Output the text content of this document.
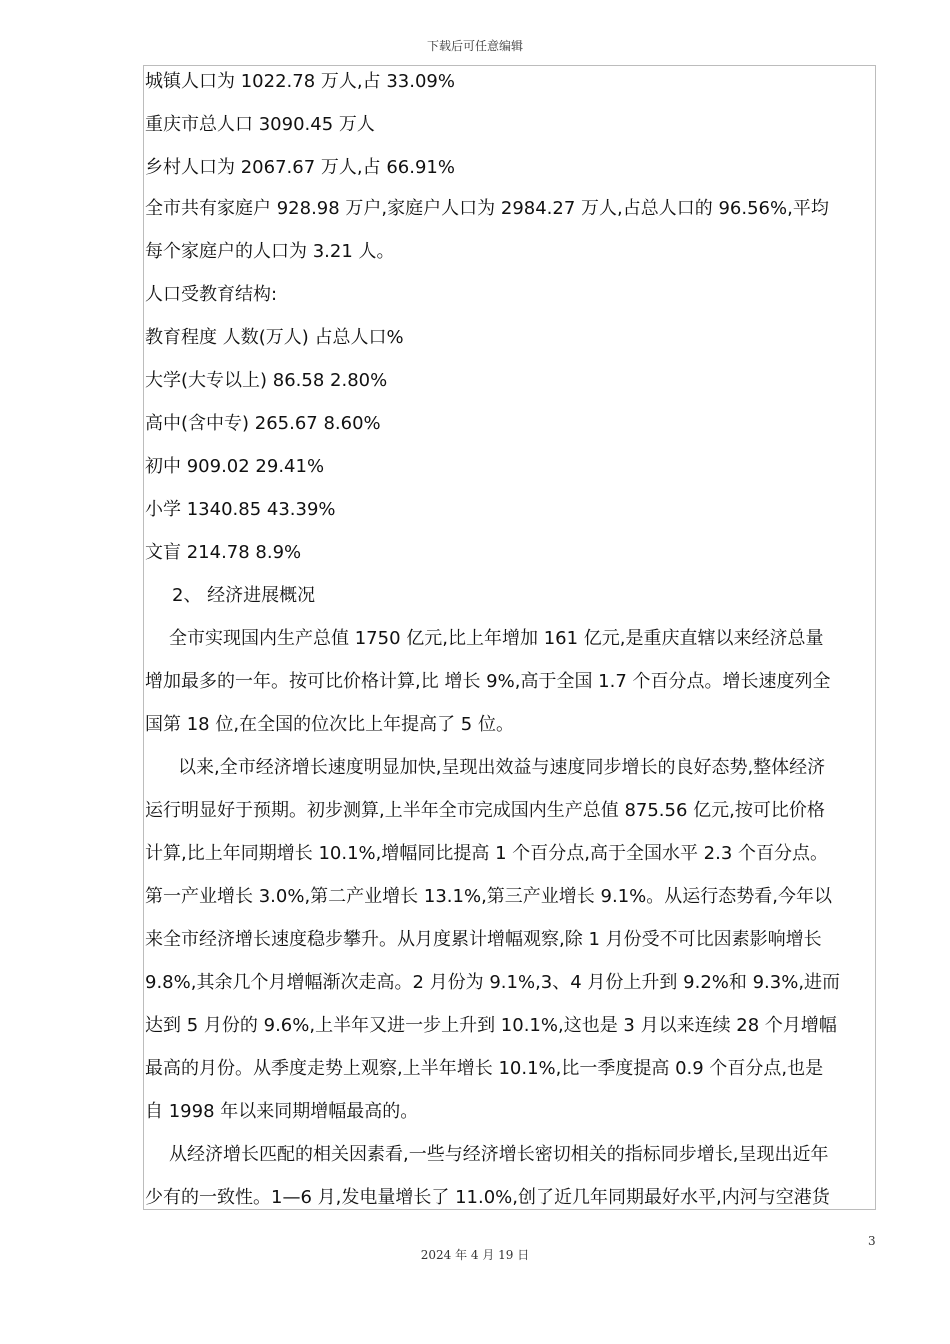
下载后可任意编辑
城镇人口为 1022.78 万人,占 33.09%
重庆市总人口 3090.45 万人
乡村人口为 2067.67 万人,占 66.91%
全市共有家庭户 928.98 万户,家庭户人口为 2984.27 万人,占总人口的 96.56%,平均
每个家庭户的人口为 3.21 人。
人口受教育结构:
教育程度 人数(万人) 占总人口%
大学(大专以上) 86.58 2.80%
高中(含中专) 265.67 8.60%
初中 909.02 29.41%
小学 1340.85 43.39%
文盲 214.78 8.9%
2、 经济进展概况
全市实现国内生产总值 1750 亿元,比上年增加 161 亿元,是重庆直辖以来经济总量
增加最多的一年。按可比价格计算,比 增长 9%,高于全国 1.7 个百分点。增长速度列全
国第 18 位,在全国的位次比上年提高了 5 位。
以来,全市经济增长速度明显加快,呈现出效益与速度同步增长的良好态势,整体经济
运行明显好于预期。初步测算,上半年全市完成国内生产总值 875.56 亿元,按可比价格
计算,比上年同期增长 10.1%,增幅同比提高 1 个百分点,高于全国水平 2.3 个百分点。
第一产业增长 3.0%,第二产业增长 13.1%,第三产业增长 9.1%。从运行态势看,今年以
来全市经济增长速度稳步攀升。从月度累计增幅观察,除 1 月份受不可比因素影响增长
9.8%,其余几个月增幅渐次走高。2 月份为 9.1%,3、4 月份上升到 9.2%和 9.3%,进而
达到 5 月份的 9.6%,上半年又进一步上升到 10.1%,这也是 3 月以来连续 28 个月增幅
最高的月份。从季度走势上观察,上半年增长 10.1%,比一季度提高 0.9 个百分点,也是
自 1998 年以来同期增幅最高的。
从经济增长匹配的相关因素看,一些与经济增长密切相关的指标同步增长,呈现出近年
少有的一致性。1—6 月,发电量增长了 11.0%,创了近几年同期最好水平,内河与空港货
3
2024 年 4 月 19 日
